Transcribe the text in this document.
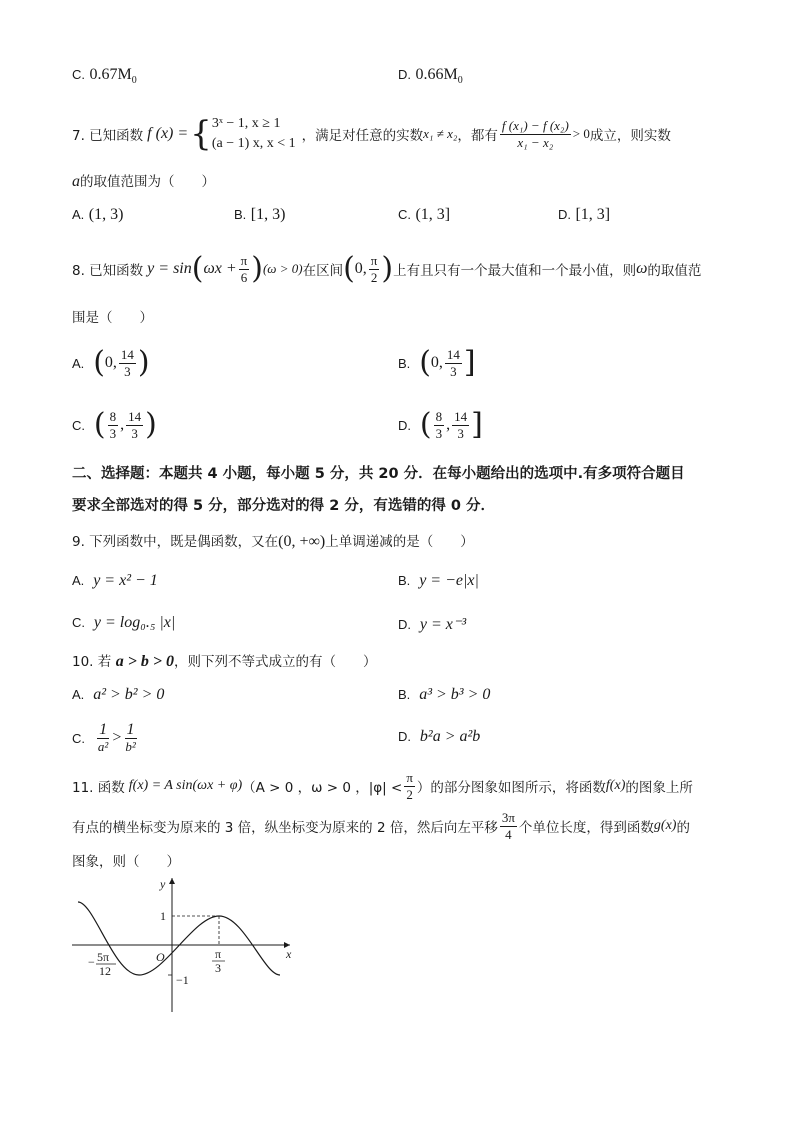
C. $0.67M_0$	D. $0.66M_0$
7. 已知函数 f (x) = { 3ˣ − 1, x ≥ 1
(a − 1) x, x < 1 ，满足对任意的实数 x₁ ≠ x₂ ，都有 $\frac{\text{f (x₁) − f (x₂)}}{\text{x₁ − x₂}} > 0$ 成立，则实数
a的取值范围为（　　）
A. (1, 3)	B. [1, 3)	C. (1, 3]	D. [1, 3]
8. 已知函数 y = sin ( $\omega x + \frac{\pi}{6}$ ) (ω > 0) 在区间 ( 0, $\frac{\pi}{2}$ ) 上有且只有一个最大值和一个最小值，则 ω 的取值范
围是（　　）
A.
( 0, $\frac{14}{3}$ )	B.
( 0, $\frac{14}{3}$ ]
C.
( $\frac{8}{3}$ , $\frac{14}{3}$ )	D.
( $\frac{8}{3}$ , $\frac{14}{3}$ ]
二、选择题：本题共 4 小题，每小题 5 分，共 20 分．在每小题给出的选项中.有多项符合题目
要求全部选对的得 5 分，部分选对的得 2 分，有选错的得 0 分．
9. 下列函数中，既是偶函数，又在(0, +∞)上单调递减的是（　　）
A. y = x² − 1	B. y = −e|x|
C. y = log₀.₅ |x|	D. y = x⁻³
10. 若 a > b > 0，则下列不等式成立的有（　　）
A. a² > b² > 0	B. a³ > b³ > 0
C.
$\frac{1}{\text{a²}} > \frac{1}{\text{b²}}$	D. b²a > a²b
11. 函数 f(x) = A sin(ωx + φ) （A > 0 ，ω > 0 ，$|\varphi| < \frac{\pi}{2}$ ）的部分图象如图所示，将函数 f(x) 的图象上所
有点的横坐标变为原来的 3 倍，纵坐标变为原来的 2 倍，然后向左平移 $\frac{3\pi}{4}$ 个单位长度，得到函数 g(x) 的
图象，则（　　）
y
x
O
1
−1
− 5π
12
π
3
